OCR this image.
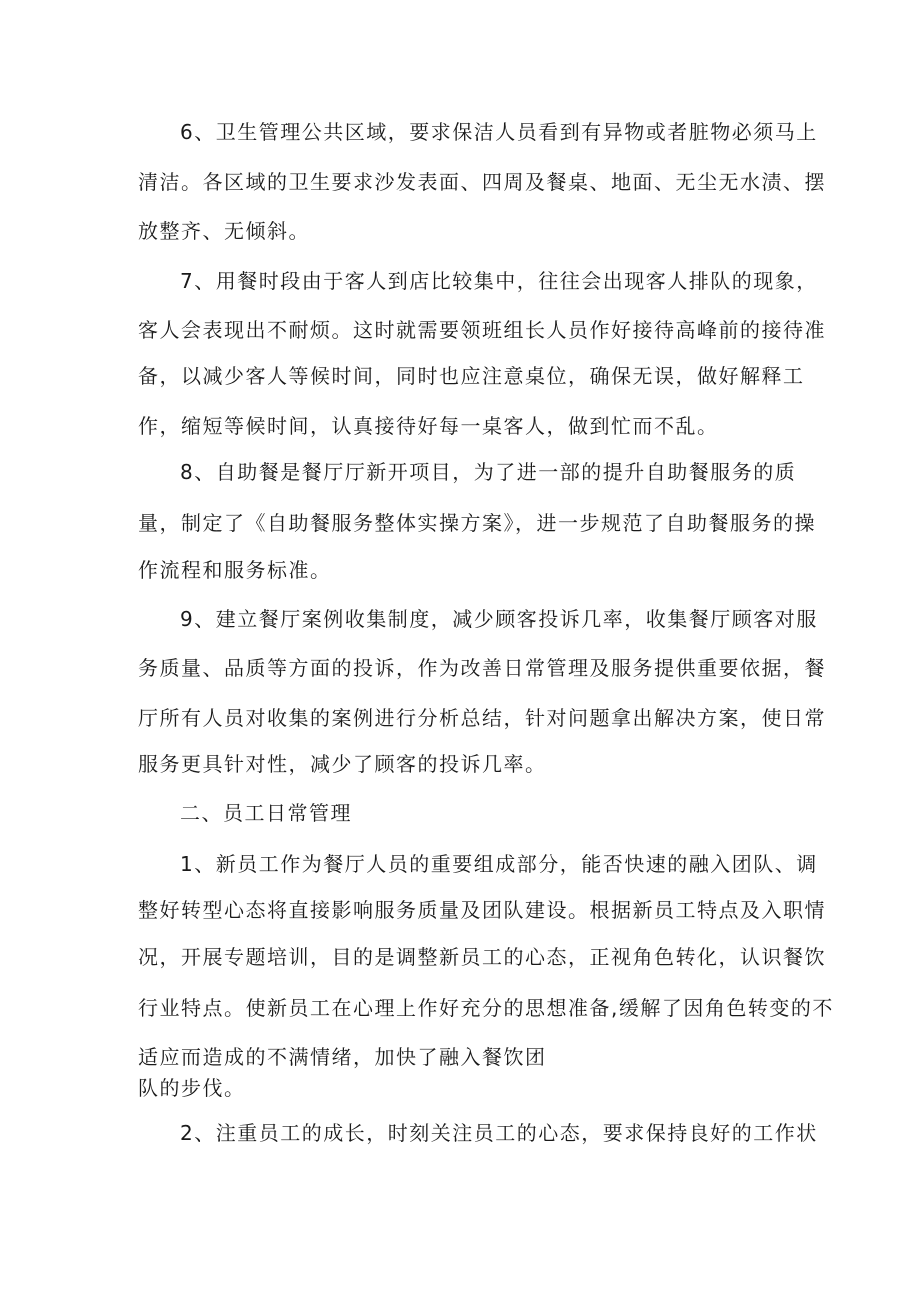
6、卫生管理公共区域，要求保洁人员看到有异物或者脏物必须马上
清洁。各区域的卫生要求沙发表面、四周及餐桌、地面、无尘无水渍、摆
放整齐、无倾斜。
7、用餐时段由于客人到店比较集中，往往会出现客人排队的现象，
客人会表现出不耐烦。这时就需要领班组长人员作好接待高峰前的接待准
备，以减少客人等候时间，同时也应注意桌位，确保无误，做好解释工
作，缩短等候时间，认真接待好每一桌客人，做到忙而不乱。
8、自助餐是餐厅厅新开项目，为了进一部的提升自助餐服务的质
量，制定了《自助餐服务整体实操方案》，进一步规范了自助餐服务的操
作流程和服务标准。
9、建立餐厅案例收集制度，减少顾客投诉几率，收集餐厅顾客对服
务质量、品质等方面的投诉，作为改善日常管理及服务提供重要依据，餐
厅所有人员对收集的案例进行分析总结，针对问题拿出解决方案，使日常
服务更具针对性，减少了顾客的投诉几率。
二、员工日常管理
1、新员工作为餐厅人员的重要组成部分，能否快速的融入团队、调
整好转型心态将直接影响服务质量及团队建设。根据新员工特点及入职情
况，开展专题培训，目的是调整新员工的心态，正视角色转化，认识餐饮
行业特点。使新员工在心理上作好充分的思想准备,缓解了因角色转变的不
适应而造成的不满情绪，加快了融入餐饮团
队的步伐。
2、注重员工的成长，时刻关注员工的心态，要求保持良好的工作状
